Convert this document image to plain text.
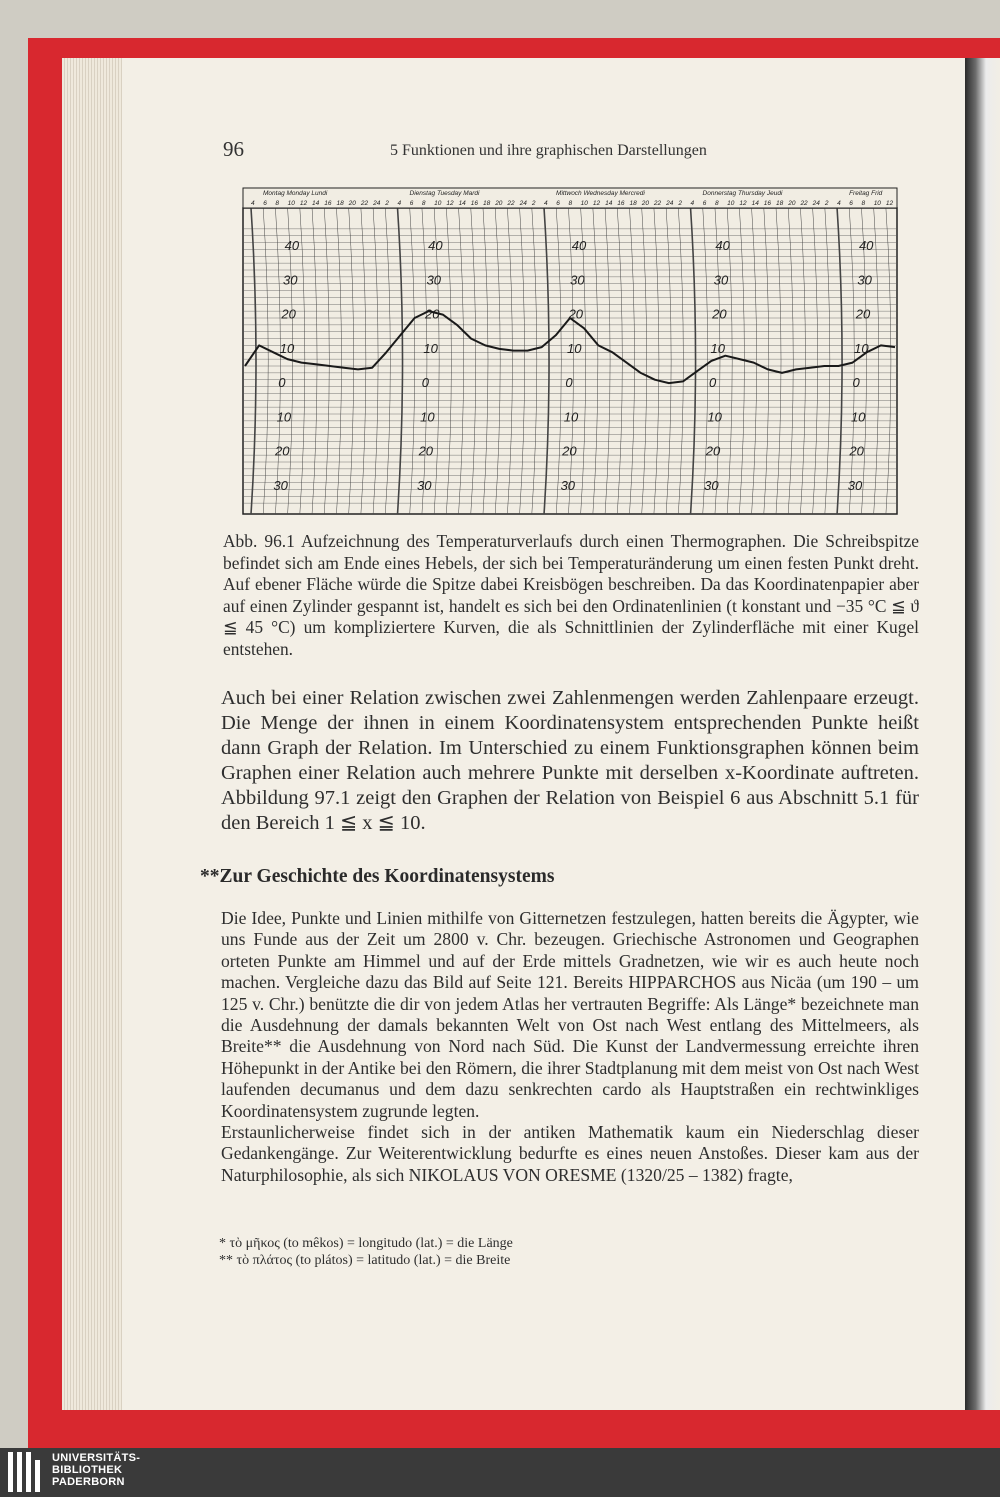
96	5 Funktionen und ihre graphischen Darstellungen
Montag Monday Lundi	Dienstag Tuesday Mardi	Mittwoch Wednesday Mercredi	Donnerstag Thursday Jeudi	Freitag Frid
4 6 8 10 12 14 16 18 20 22 24 2 4 6 8 10 12 14 16 18 20 22 24 2 4 6 8 10 12 14 16 18 20 22 24 2 4 6 8 10 12 14 16 18 20 22 24 2 4 6 8 10 12
40
30
20
10
0
10
20
30
40
30
20
10
0
10
20
30
40
30
20
10
0
10
20
30
40
30
20
10
0
10
20
30
40
30
20
10
0
10
20
30
Abb. 96.1 Aufzeichnung des Temperaturverlaufs durch einen Thermographen. Die Schreibspitze befindet sich am Ende eines Hebels, der sich bei Temperaturänderung um einen festen Punkt dreht. Auf ebener Fläche würde die Spitze dabei Kreisbögen beschreiben. Da das Koordinatenpapier aber auf einen Zylinder gespannt ist, handelt es sich bei den Ordinatenlinien (t konstant und −35 °C ≦ ϑ ≦ 45 °C) um kompliziertere Kurven, die als Schnittlinien der Zylinderfläche mit einer Kugel entstehen.
Auch bei einer Relation zwischen zwei Zahlenmengen werden Zahlenpaare erzeugt. Die Menge der ihnen in einem Koordinatensystem entsprechenden Punkte heißt dann Graph der Relation. Im Unterschied zu einem Funktionsgraphen können beim Graphen einer Relation auch mehrere Punkte mit derselben x-Koordinate auftreten. Abbildung 97.1 zeigt den Graphen der Relation von Beispiel 6 aus Abschnitt 5.1 für den Bereich 1 ≦ x ≦ 10.
**Zur Geschichte des Koordinatensystems

Die Idee, Punkte und Linien mithilfe von Gitternetzen festzulegen, hatten bereits die Ägypter, wie uns Funde aus der Zeit um 2800 v. Chr. bezeugen. Griechische Astronomen und Geographen orteten Punkte am Himmel und auf der Erde mittels Gradnetzen, wie wir es auch heute noch machen. Vergleiche dazu das Bild auf Seite 121. Bereits HIPPARCHOS aus Nicäa (um 190 – um 125 v. Chr.) benützte die dir von jedem Atlas her vertrauten Begriffe: Als Länge* bezeichnete man die Ausdehnung der damals bekannten Welt von Ost nach West entlang des Mittelmeers, als Breite** die Ausdehnung von Nord nach Süd. Die Kunst der Landvermessung erreichte ihren Höhepunkt in der Antike bei den Römern, die ihrer Stadtplanung mit dem meist von Ost nach West laufenden decumanus und dem dazu senkrechten cardo als Hauptstraßen ein rechtwinkliges Koordinatensystem zugrunde legten.

Erstaunlicherweise findet sich in der antiken Mathematik kaum ein Niederschlag dieser Gedankengänge. Zur Weiterentwicklung bedurfte es eines neuen Anstoßes. Dieser kam aus der Naturphilosophie, als sich NIKOLAUS VON ORESME (1320/25 – 1382) fragte,

* τὸ μῆκος (to mêkos) = longitudo (lat.) = die Länge
** τὸ πλάτος (to plátos) = latitudo (lat.) = die Breite
UNIVERSITÄTS-
BIBLIOTHEK
PADERBORN
